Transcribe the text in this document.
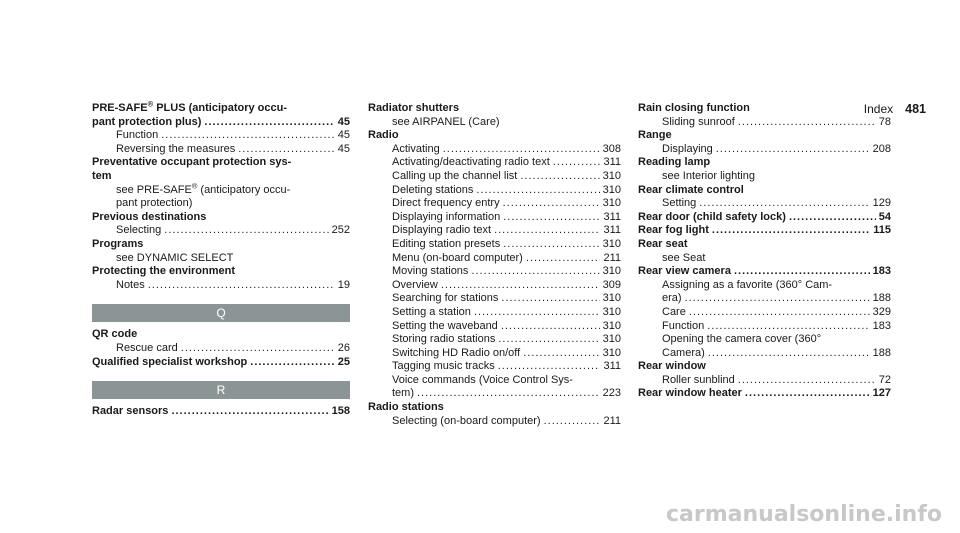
Index 481
PRE-SAFE® PLUS (anticipatory occu-
pant protection plus) .....	45
Function .....	45
Reversing the measures .....	45
Preventative occupant protection sys-
tem
see PRE-SAFE® (anticipatory occu-
pant protection)
Previous destinations
Selecting .....	252
Programs
see DYNAMIC SELECT
Protecting the environment
Notes .....	19
Q
QR code
Rescue card .....	26
Qualified specialist workshop .....	25
R
Radar sensors .....	158
Radiator shutters
see AIRPANEL (Care)
Radio
Activating .....	308
Activating/deactivating radio text .....	311
Calling up the channel list .....	310
Deleting stations .....	310
Direct frequency entry .....	310
Displaying information .....	311
Displaying radio text .....	311
Editing station presets .....	310
Menu (on-board computer) .....	211
Moving stations .....	310
Overview .....	309
Searching for stations .....	310
Setting a station .....	310
Setting the waveband .....	310
Storing radio stations .....	310
Switching HD Radio on/off .....	310
Tagging music tracks .....	311
Voice commands (Voice Control Sys-
tem) .....	223
Radio stations
Selecting (on-board computer) .....	211
Rain closing function
Sliding sunroof .....	78
Range
Displaying .....	208
Reading lamp
see Interior lighting
Rear climate control
Setting .....	129
Rear door (child safety lock) .....	54
Rear fog light .....	115
Rear seat
see Seat
Rear view camera .....	183
Assigning as a favorite (360° Cam-
era) .....	188
Care .....	329
Function .....	183
Opening the camera cover (360°
Camera) .....	188
Rear window
Roller sunblind .....	72
Rear window heater .....	127
carmanualsonline.info
